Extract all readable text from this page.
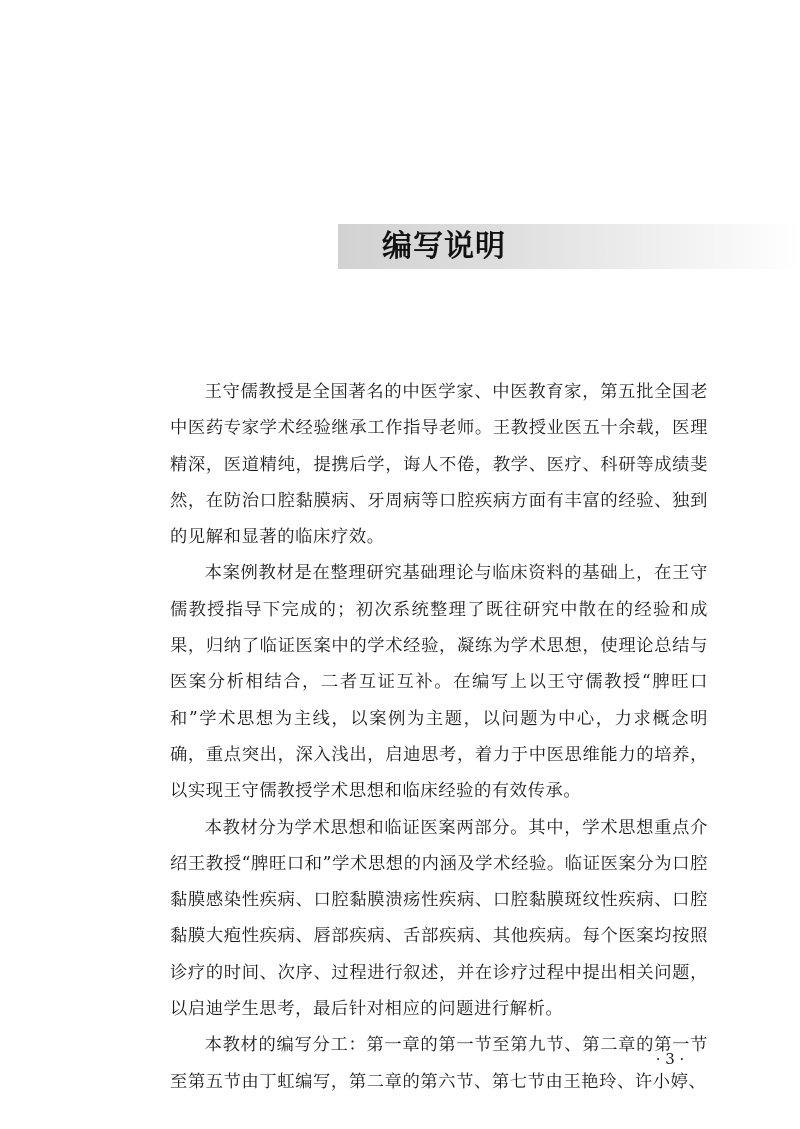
编写说明

王守儒教授是全国著名的中医学家、中医教育家，第五批全国老中医药专家学术经验继承工作指导老师。王教授业医五十余载，医理精深，医道精纯，提携后学，诲人不倦，教学、医疗、科研等成绩斐然，在防治口腔黏膜病、牙周病等口腔疾病方面有丰富的经验、独到的见解和显著的临床疗效。

本案例教材是在整理研究基础理论与临床资料的基础上，在王守儒教授指导下完成的；初次系统整理了既往研究中散在的经验和成果，归纳了临证医案中的学术经验，凝练为学术思想，使理论总结与医案分析相结合，二者互证互补。在编写上以王守儒教授“脾旺口和”学术思想为主线，以案例为主题，以问题为中心，力求概念明确，重点突出，深入浅出，启迪思考，着力于中医思维能力的培养，以实现王守儒教授学术思想和临床经验的有效传承。

本教材分为学术思想和临证医案两部分。其中，学术思想重点介绍王教授“脾旺口和”学术思想的内涵及学术经验。临证医案分为口腔黏膜感染性疾病、口腔黏膜溃疡性疾病、口腔黏膜斑纹性疾病、口腔黏膜大疱性疾病、唇部疾病、舌部疾病、其他疾病。每个医案均按照诊疗的时间、次序、过程进行叙述，并在诊疗过程中提出相关问题，以启迪学生思考，最后针对相应的问题进行解析。

本教材的编写分工：第一章的第一节至第九节、第二章的第一节至第五节由丁虹编写，第二章的第六节、第七节由王艳玲、许小婷、

· 3 ·
